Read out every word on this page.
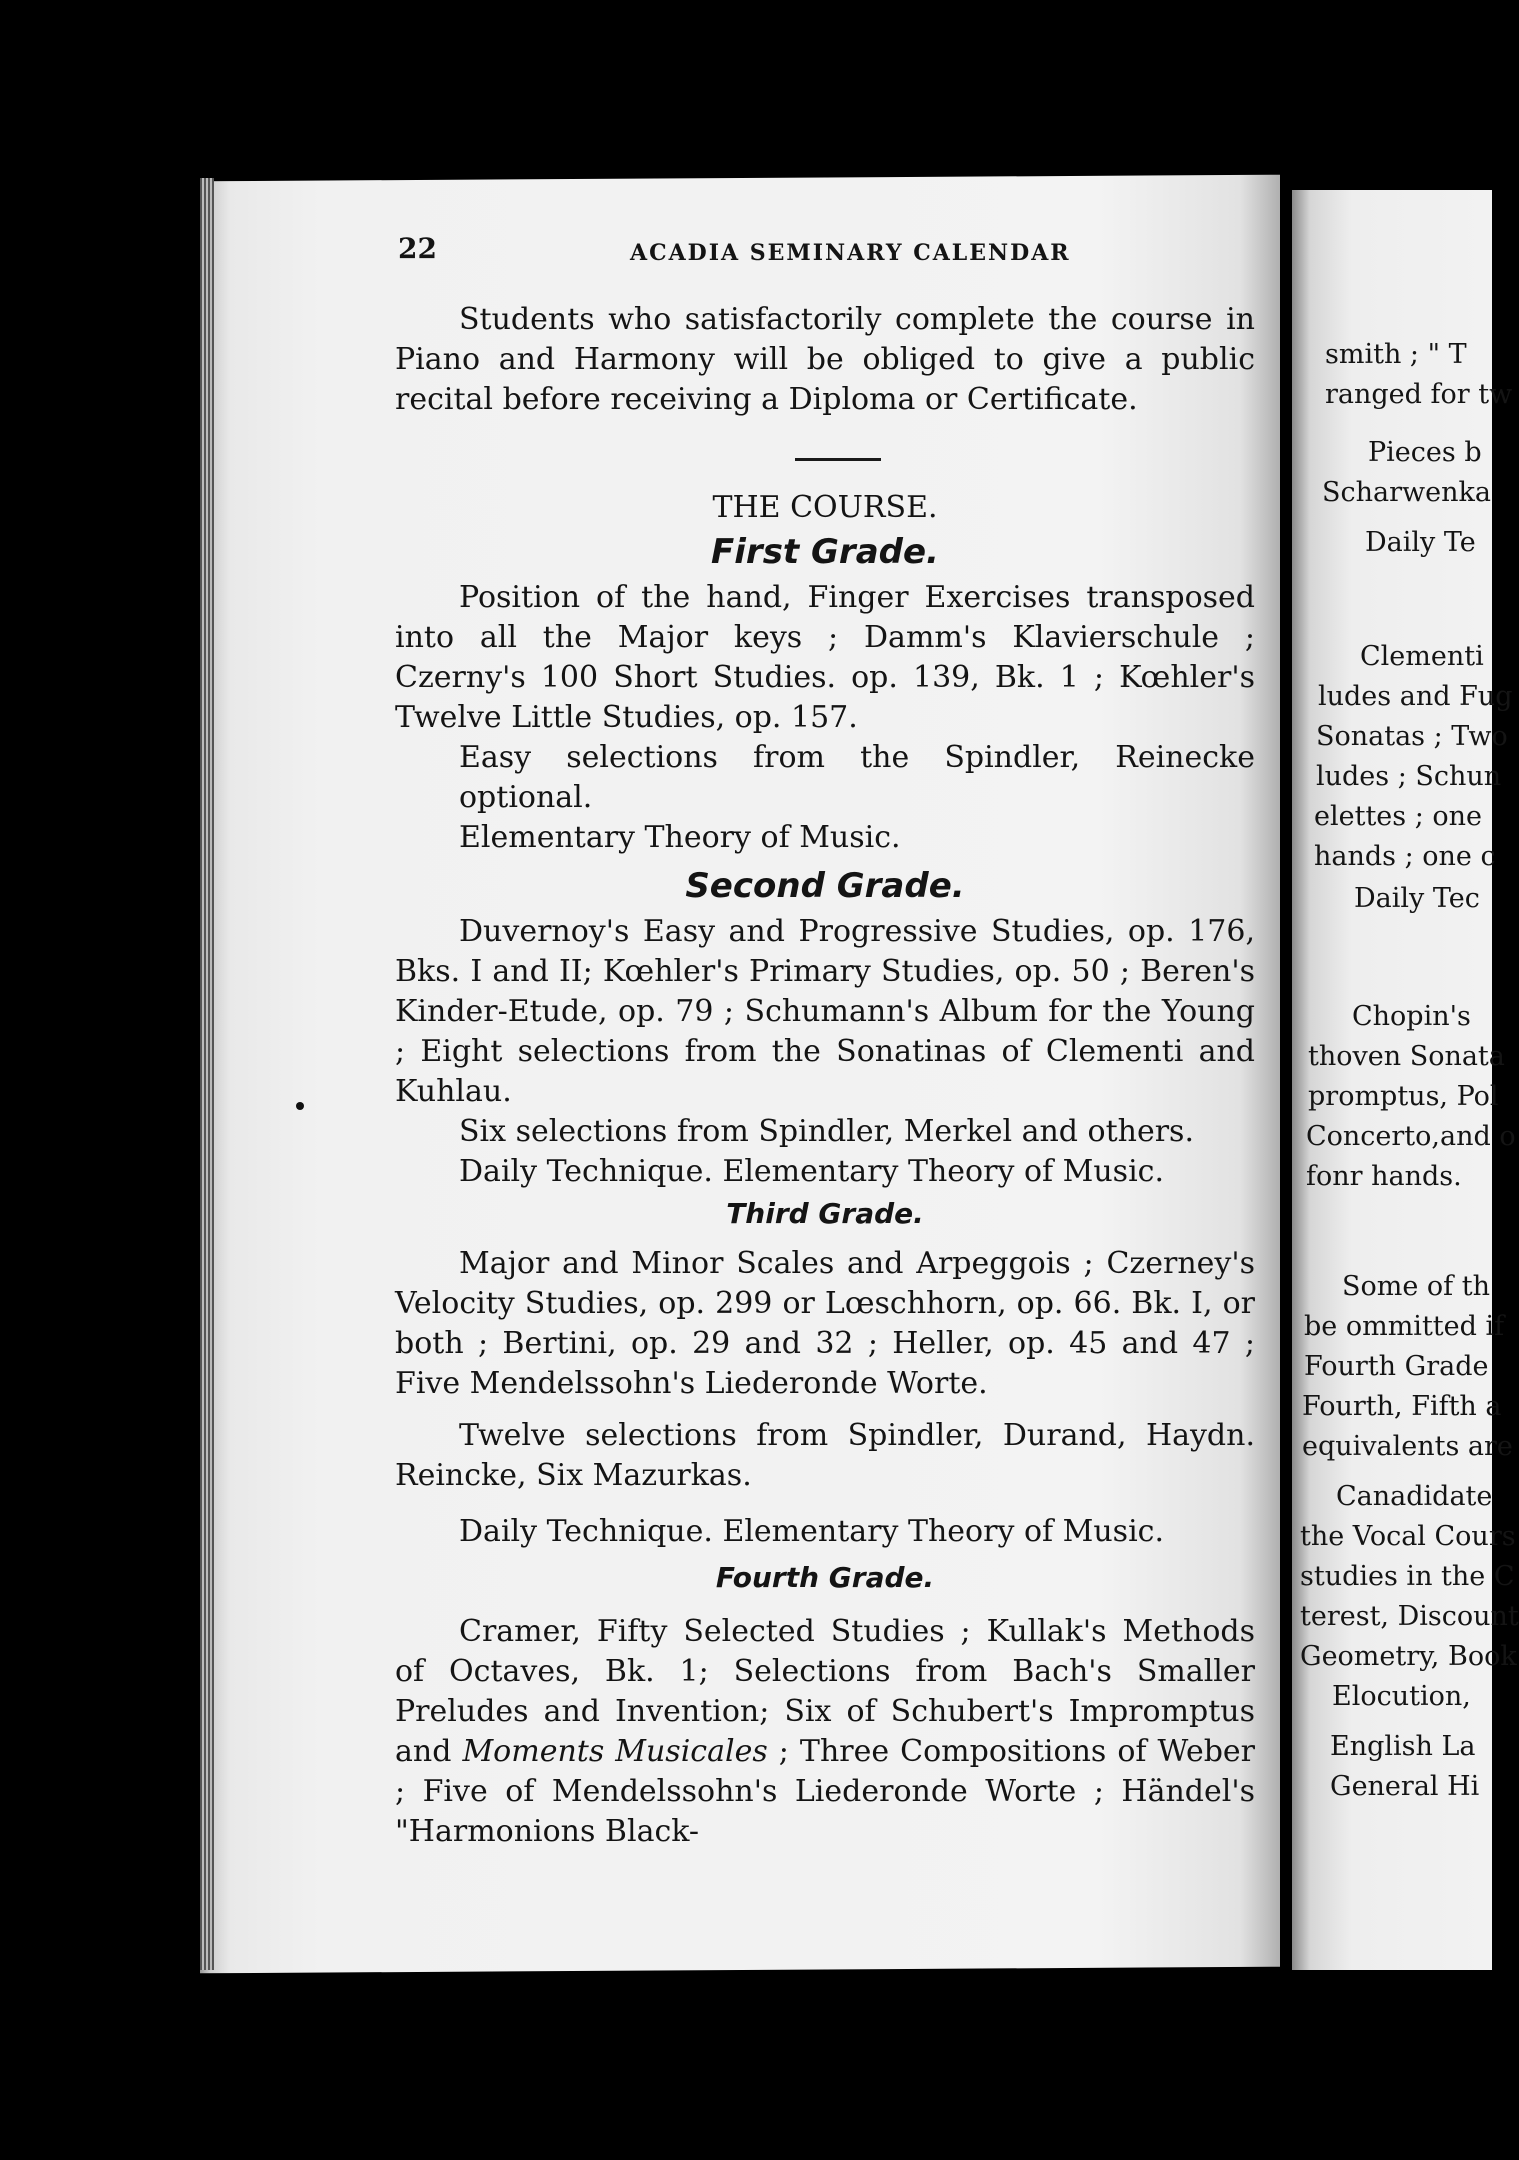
22	ACADIA SEMINARY CALENDAR

Students who satisfactorily complete the course in Piano and Harmony will be obliged to give a public recital before receiving a Diploma or Certificate.

THE COURSE.

First Grade.

Position of the hand, Finger Exercises transposed into all the Major keys ; Damm's Klavierschule ; Czerny's 100 Short Studies. op. 139, Bk. 1 ; Kœhler's Twelve Little Studies, op. 157.

Easy selections from the Spindler, Reinecke optional.

Elementary Theory of Music.

Second Grade.

Duvernoy's Easy and Progressive Studies, op. 176, Bks. I and II; Kœhler's Primary Studies, op. 50 ; Beren's Kinder-Etude, op. 79 ; Schumann's Album for the Young ; Eight selections from the Sonatinas of Clementi and Kuhlau.

Six selections from Spindler, Merkel and others.

Daily Technique. Elementary Theory of Music.

Third Grade.

Major and Minor Scales and Arpeggois ; Czerney's Velocity Studies, op. 299 or Lœschhorn, op. 66. Bk. I, or both ; Bertini, op. 29 and 32 ; Heller, op. 45 and 47 ; Five Mendelssohn's Liederonde Worte.

Twelve selections from Spindler, Durand, Haydn. Reincke, Six Mazurkas.

Daily Technique. Elementary Theory of Music.

Fourth Grade.

Cramer, Fifty Selected Studies ; Kullak's Methods of Octaves, Bk. 1; Selections from Bach's Smaller Preludes and Invention; Six of Schubert's Impromptus and Moments Musicales ; Three Compositions of Weber ; Five of Mendelssohn's Liederonde Worte ; Händel's "Harmonions Black-

smith ; " T
ranged for tw
Pieces b
Scharwenka
Daily Te
Clementi
ludes and Fug
Sonatas ; Two
ludes ; Schun
elettes ; one
hands ; one c
Daily Tec
Chopin's
thoven Sonata
promptus, Pol
Concerto,and o
fonr hands.
Some of th
be ommitted if
Fourth Grade
Fourth, Fifth a
equivalents are
Canadidate
the Vocal Cours
studies in the C
terest, Discount
Geometry, Book
Elocution,
English La
General Hi
